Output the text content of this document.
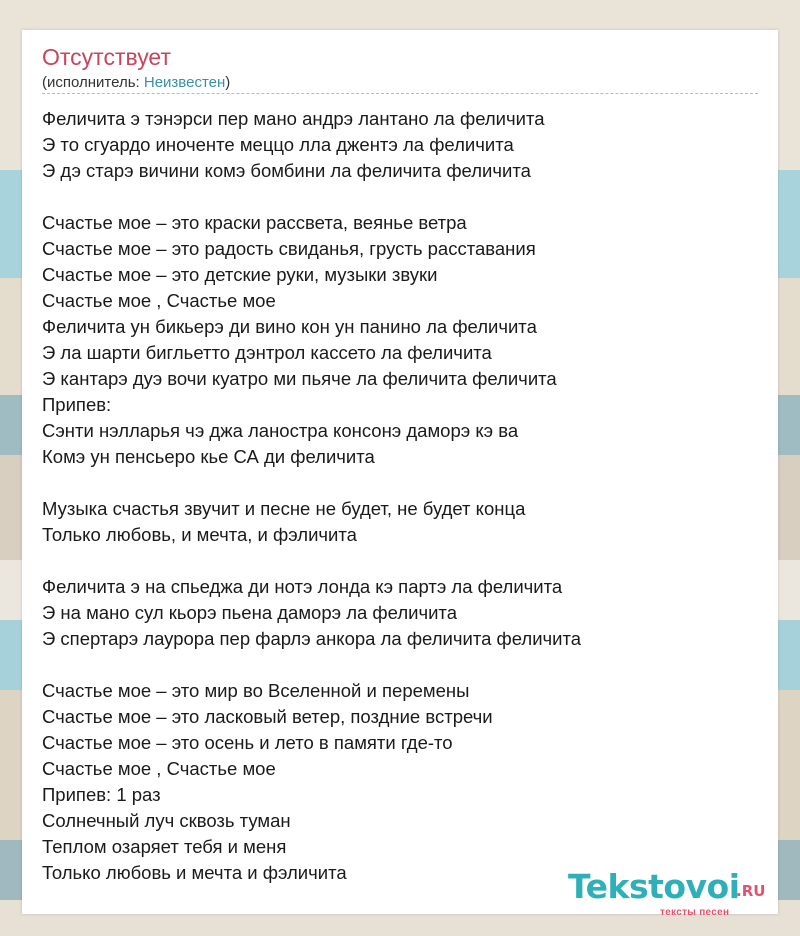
Отсутствует
(исполнитель: Неизвестен)
Феличита э тэнэрси пер мано андрэ лантано ла феличита
Э то сгуардо иноченте меццо лла джентэ ла феличита
Э дэ старэ вичини комэ бомбини ла феличита феличита
Счастье мое – это краски рассвета, веянье ветра
Счастье мое – это радость свиданья, грусть расставания
Счастье мое – это детские руки, музыки звуки
Счастье мое , Счастье мое
Феличита ун бикьерэ ди вино кон ун панино ла феличита
Э ла шарти бигльетто дэнтрол кассето ла феличита
Э кантарэ дуэ вочи куатро ми пьяче ла феличита феличита
Припев:
Сэнти нэлларья чэ джа ланостра консонэ даморэ кэ ва
Комэ ун пенсьеро кье СА ди феличита
Музыка счастья звучит и песне не будет, не будет конца
Только любовь, и мечта, и фэличита
Феличита э на спьеджа ди нотэ лонда кэ партэ ла феличита
Э на мано сул кьорэ пьена даморэ ла феличита
Э спертарэ лаурора пер фарлэ анкора ла феличита феличита
Счастье мое – это мир во Вселенной и перемены
Счастье мое – это ласковый ветер, поздние встречи
Счастье мое – это осень и лето в памяти где-то
Счастье мое , Счастье мое
Припев: 1 раз
Солнечный луч сквозь туман
Теплом озаряет тебя и меня
Только любовь и мечта и фэличита	Tekstovoi
.RU
тексты песен
